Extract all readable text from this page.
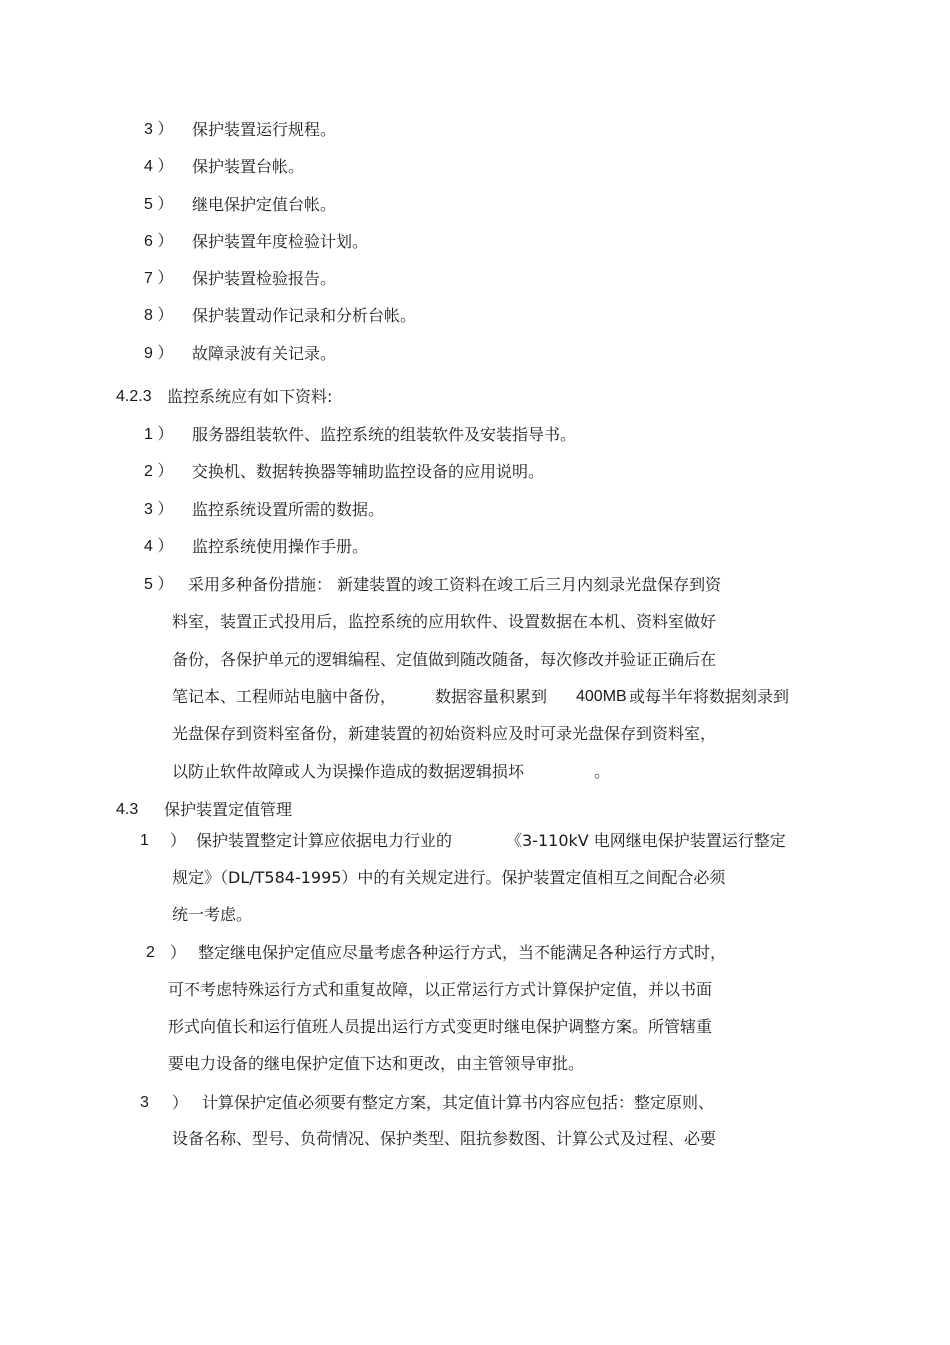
3 ） 保护装置运行规程。
4 ） 保护装置台帐。
5 ） 继电保护定值台帐。
6 ） 保护装置年度检验计划。
7 ） 保护装置检验报告。
8 ） 保护装置动作记录和分析台帐。
9 ） 故障录波有关记录。
4.2.3 监控系统应有如下资料:
1 ） 服务器组装软件、监控系统的组装软件及安装指导书。
2 ） 交换机、数据转换器等辅助监控设备的应用说明。
3 ） 监控系统设置所需的数据。
4 ） 监控系统使用操作手册。
5 ） 采用多种备份措施： 新建装置的竣工资料在竣工后三月内刻录光盘保存到资
料室，装置正式投用后，监控系统的应用软件、设置数据在本机、资料室做好
备份，各保护单元的逻辑编程、定值做到随改随备，每次修改并验证正确后在
笔记本、工程师站电脑中备份， 数据容量积累到 400MB 或每半年将数据刻录到
光盘保存到资料室备份，新建装置的初始资料应及时可录光盘保存到资料室，
以防止软件故障或人为误操作造成的数据逻辑损坏	。
4.3 保护装置定值管理
1 ） 保护装置整定计算应依据电力行业的	《3-110kV 电网继电保护装置运行整定
规定》（DL/T584-1995）中的有关规定进行。保护装置定值相互之间配合必须
统一考虑。
2 ） 整定继电保护定值应尽量考虑各种运行方式，当不能满足各种运行方式时，
可不考虑特殊运行方式和重复故障，以正常运行方式计算保护定值，并以书面
形式向值长和运行值班人员提出运行方式变更时继电保护调整方案。所管辖重
要电力设备的继电保护定值下达和更改，由主管领导审批。
3 ） 计算保护定值必须要有整定方案，其定值计算书内容应包括：整定原则、
设备名称、型号、负荷情况、保护类型、阻抗参数图、计算公式及过程、必要
